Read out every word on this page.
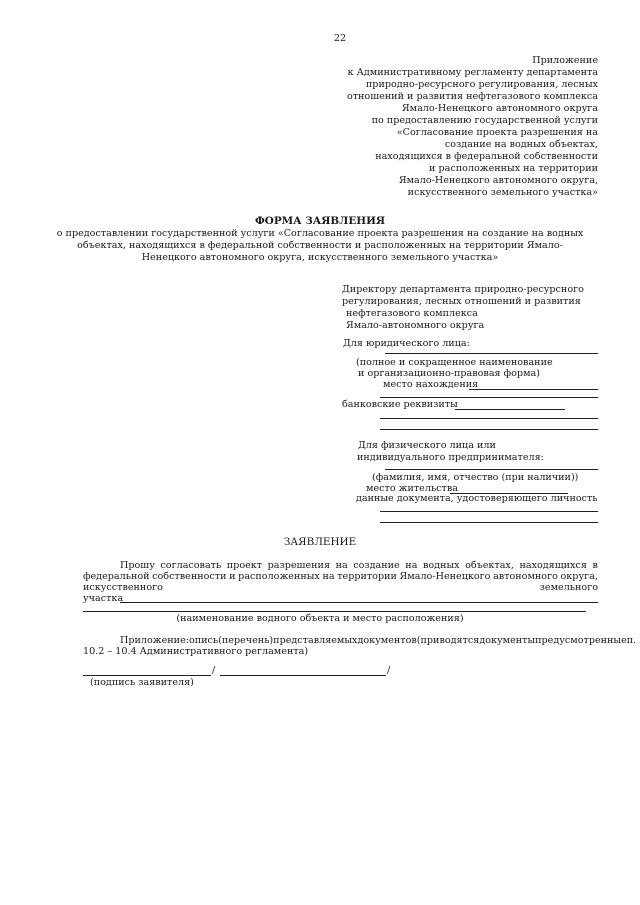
22
Приложение
к Административному регламенту департамента
природно-ресурсного регулирования, лесных
отношений и развития нефтегазового комплекса
Ямало-Ненецкого автономного округа
по предоставлению государственной услуги
«Согласование проекта разрешения на
создание на водных объектах,
находящихся в федеральной собственности
и расположенных на территории
Ямало-Ненецкого автономного округа,
искусственного земельного участка»
ФОРМА ЗАЯВЛЕНИЯ
о предоставлении государственной услуги «Согласование проекта разрешения на создание на водных
объектах, находящихся в федеральной собственности и расположенных на территории Ямало-
Ненецкого автономного округа, искусственного земельного участка»
Директору департамента природно-ресурсного
регулирования, лесных отношений и развития
нефтегазового комплекса
Ямало-автономного округа
Для юридического лица:
(полное и сокращенное наименование
и организационно-правовая форма)
место нахождения
банковские реквизиты
Для физического лица или
индивидуального предпринимателя:
(фамилия, имя, отчество (при наличии))
место жительства
данные документа, удостоверяющего личность
ЗАЯВЛЕНИЕ
Прошу согласовать проект разрешения на создание на водных объектах, находящихся в
федеральной собственности и расположенных на территории Ямало-Ненецкого автономного округа,
искусственного	земельного
участка
(наименование водного объекта и место расположения)
Приложение: опись (перечень) представляемых документов (приводятся документы предусмотренные п.
10.2 – 10.4 Административного регламента)
/	/
(подпись заявителя)
